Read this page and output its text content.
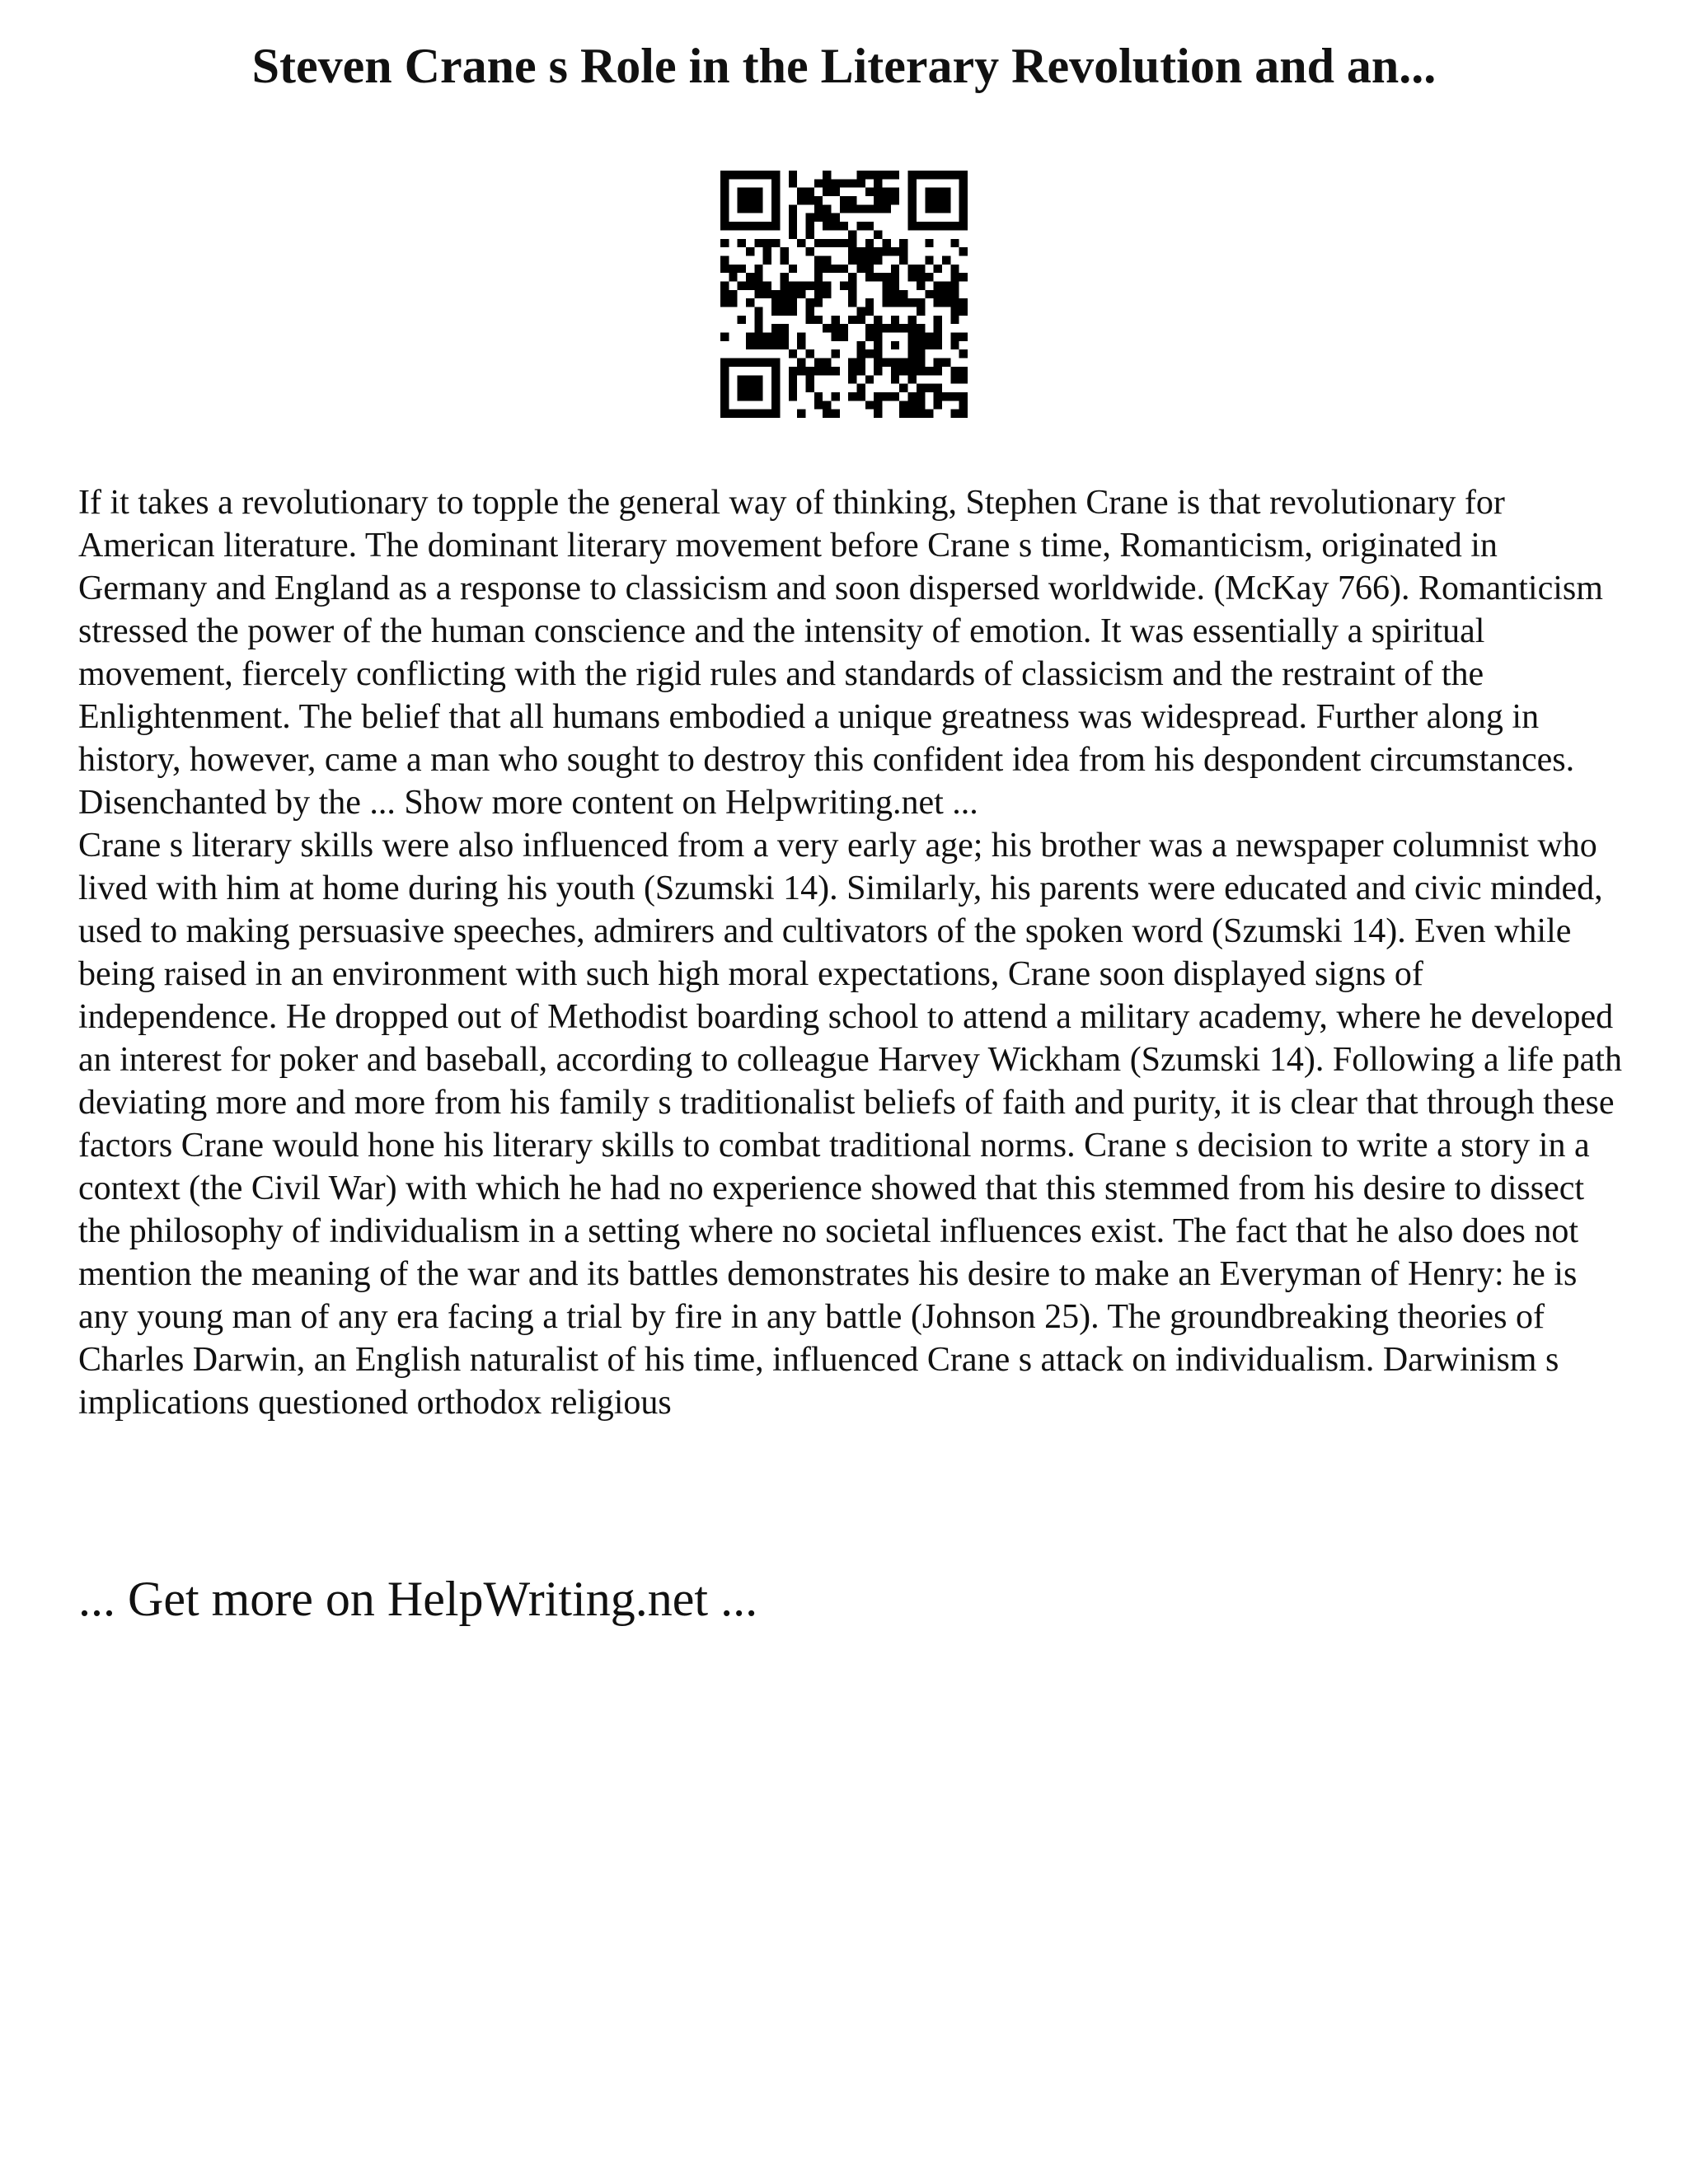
Steven Crane s Role in the Literary Revolution and an...

If it takes a revolutionary to topple the general way of thinking, Stephen Crane is that revolutionary for American literature. The dominant literary movement before Crane s time, Romanticism, originated in Germany and England as a response to classicism and soon dispersed worldwide. (McKay 766). Romanticism stressed the power of the human conscience and the intensity of emotion. It was essentially a spiritual movement, fiercely conflicting with the rigid rules and standards of classicism and the restraint of the Enlightenment. The belief that all humans embodied a unique greatness was widespread. Further along in history, however, came a man who sought to destroy this confident idea from his despondent circumstances. Disenchanted by the ... Show more content on Helpwriting.net ...

Crane s literary skills were also influenced from a very early age; his brother was a newspaper columnist who lived with him at home during his youth (Szumski 14). Similarly, his parents were educated and civic minded, used to making persuasive speeches, admirers and cultivators of the spoken word (Szumski 14). Even while being raised in an environment with such high moral expectations, Crane soon displayed signs of independence. He dropped out of Methodist boarding school to attend a military academy, where he developed an interest for poker and baseball, according to colleague Harvey Wickham (Szumski 14). Following a life path deviating more and more from his family s traditionalist beliefs of faith and purity, it is clear that through these factors Crane would hone his literary skills to combat traditional norms. Crane s decision to write a story in a context (the Civil War) with which he had no experience showed that this stemmed from his desire to dissect the philosophy of individualism in a setting where no societal influences exist. The fact that he also does not mention the meaning of the war and its battles demonstrates his desire to make an Everyman of Henry: he is any young man of any era facing a trial by fire in any battle (Johnson 25). The groundbreaking theories of Charles Darwin, an English naturalist of his time, influenced Crane s attack on individualism. Darwinism s implications questioned orthodox religious

... Get more on HelpWriting.net ...
